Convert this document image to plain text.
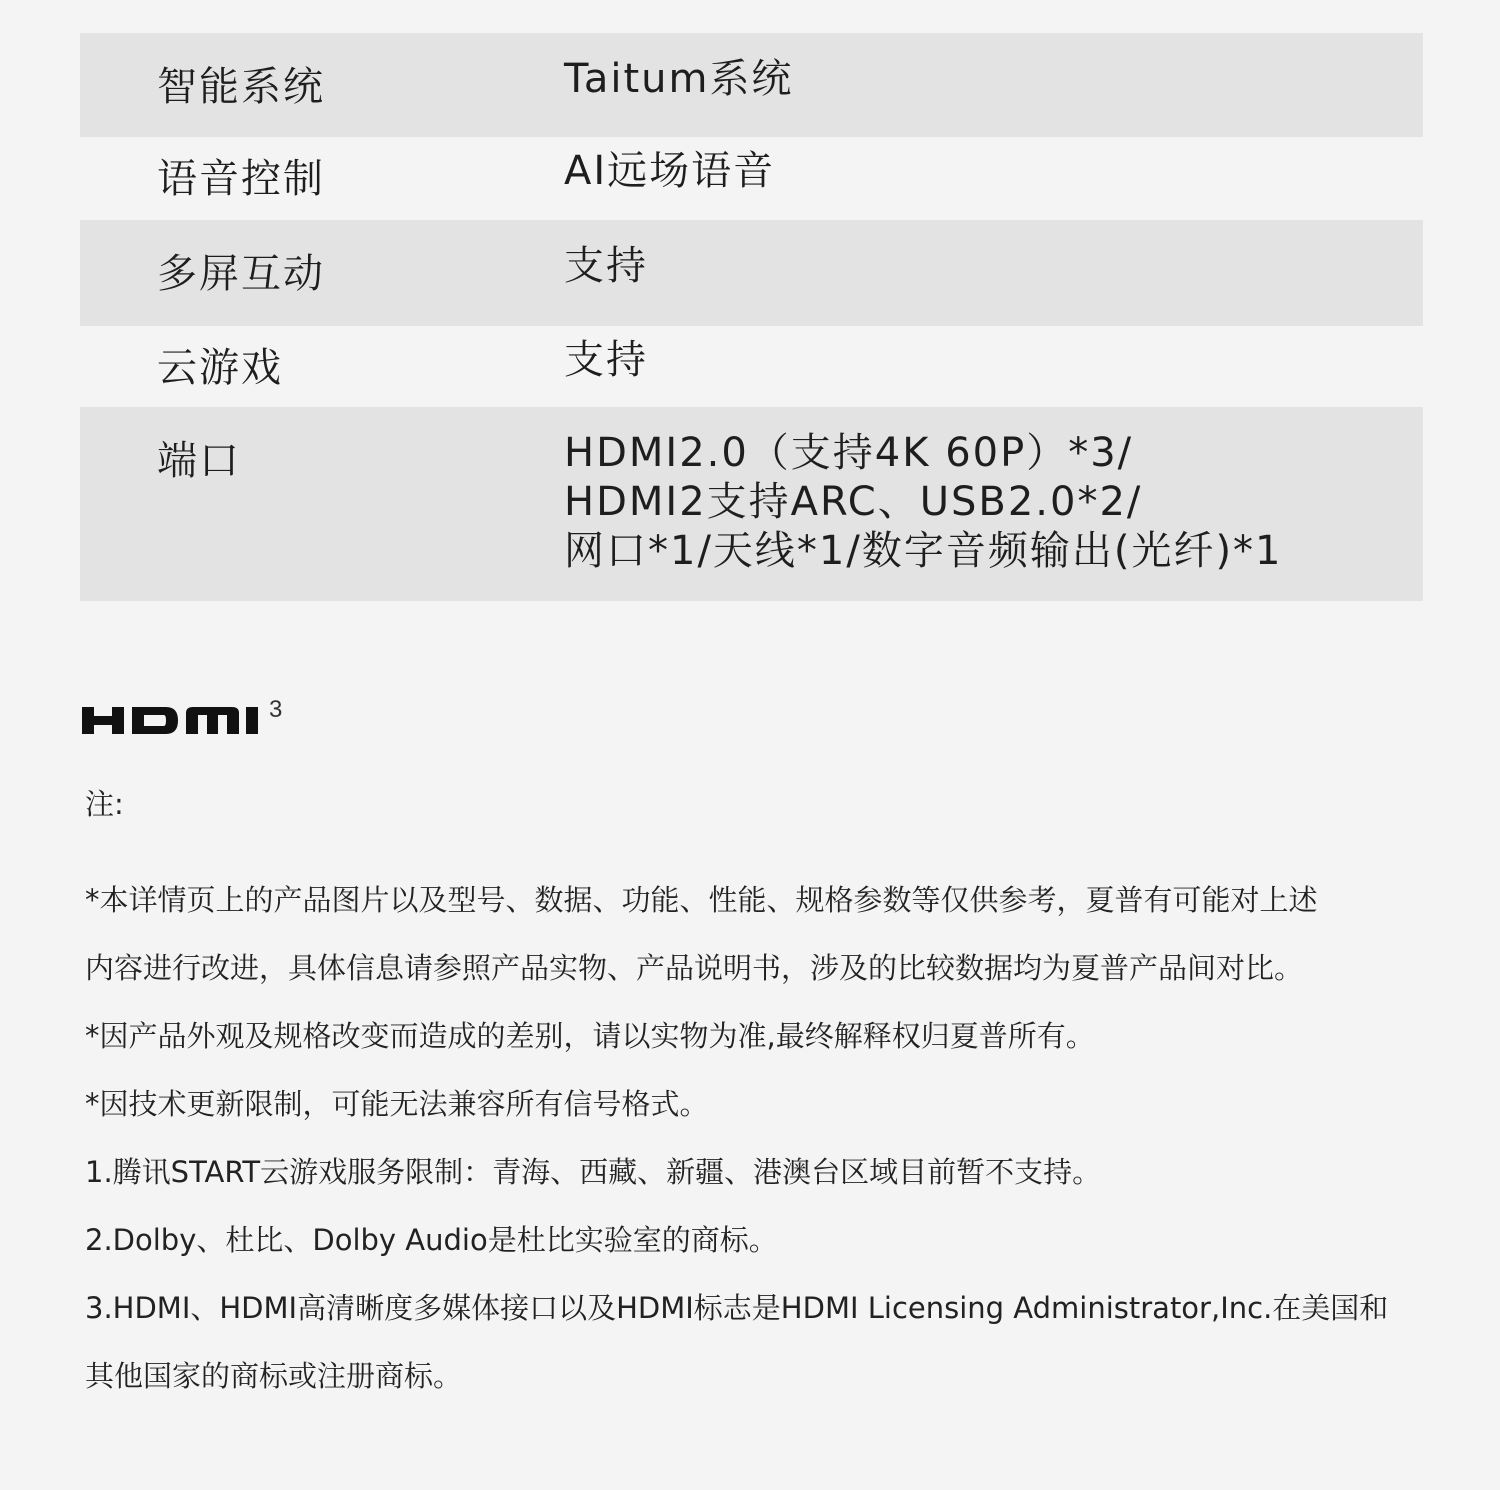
智能系统	Taitum系统
语音控制	AI远场语音
多屏互动	支持
云游戏	支持
端口	HDMI2.0（支持4K 60P）*3/
HDMI2支持ARC、USB2.0*2/
网口*1/天线*1/数字音频输出(光纤)*1
3

注:

*本详情页上的产品图片以及型号、数据、功能、性能、规格参数等仅供参考，夏普有可能对上述

内容进行改进，具体信息请参照产品实物、产品说明书，涉及的比较数据均为夏普产品间对比。

*因产品外观及规格改变而造成的差别，请以实物为准,最终解释权归夏普所有。

*因技术更新限制，可能无法兼容所有信号格式。

1.腾讯START云游戏服务限制：青海、西藏、新疆、港澳台区域目前暂不支持。

2.Dolby、杜比、Dolby Audio是杜比实验室的商标。

3.HDMI、HDMI高清晰度多媒体接口以及HDMI标志是HDMI Licensing Administrator,Inc.在美国和

其他国家的商标或注册商标。
